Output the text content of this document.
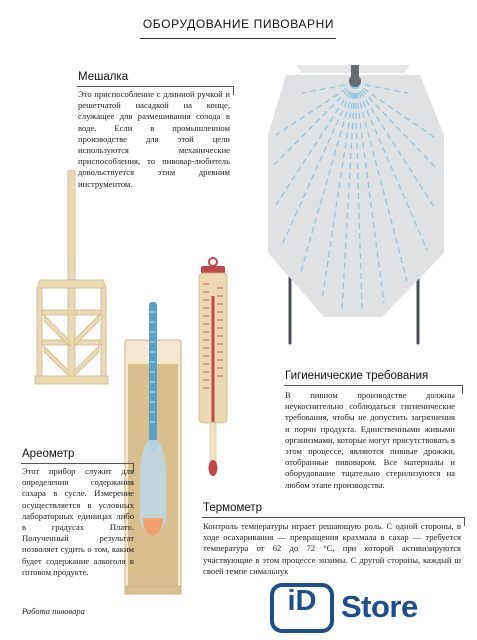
ОБОРУДОВАНИЕ ПИВОВАРНИ
Мешалка
Это приспособление с длинной ручкой и решетчатой насадкой на конце, служащее для размешивания солода в воде. Если в промышленном производстве для этой цели используются механические приспособления, то пивовар-любитель довольствуется этим древним инструментом.
Гигиенические требования
В пивном производстве должны неукоснительно соблюдаться гигиенические требования, чтобы не допустить загрязнения и порчи продукта. Единственными живыми организмами, которые могут присутствовать в этом процессе, являются пивные дрожжи, отобранные пивоваром. Все материалы и оборудование тщательно стерилизуются на любом этапе производства.
Ареометр
Этот прибор служит для определения содержания сахара в сусле. Измерение осуществляется в условных лабораторных единицах либо в градусах Плато. Полученный результат позволяет судить о том, каким будет содержание алкоголя в готовом продукте.
Термометр
Контроль температуры играет решающую роль. С одной стороны, в ходе осахаривания — превращения крахмала в сахар — требуется температура от 62 до 72 °С, при которой активизируются участвующие в этом процессе энзимы. С другой стороны, каждый ш своей темпе симальнук
Работа пивовара	iD Store
